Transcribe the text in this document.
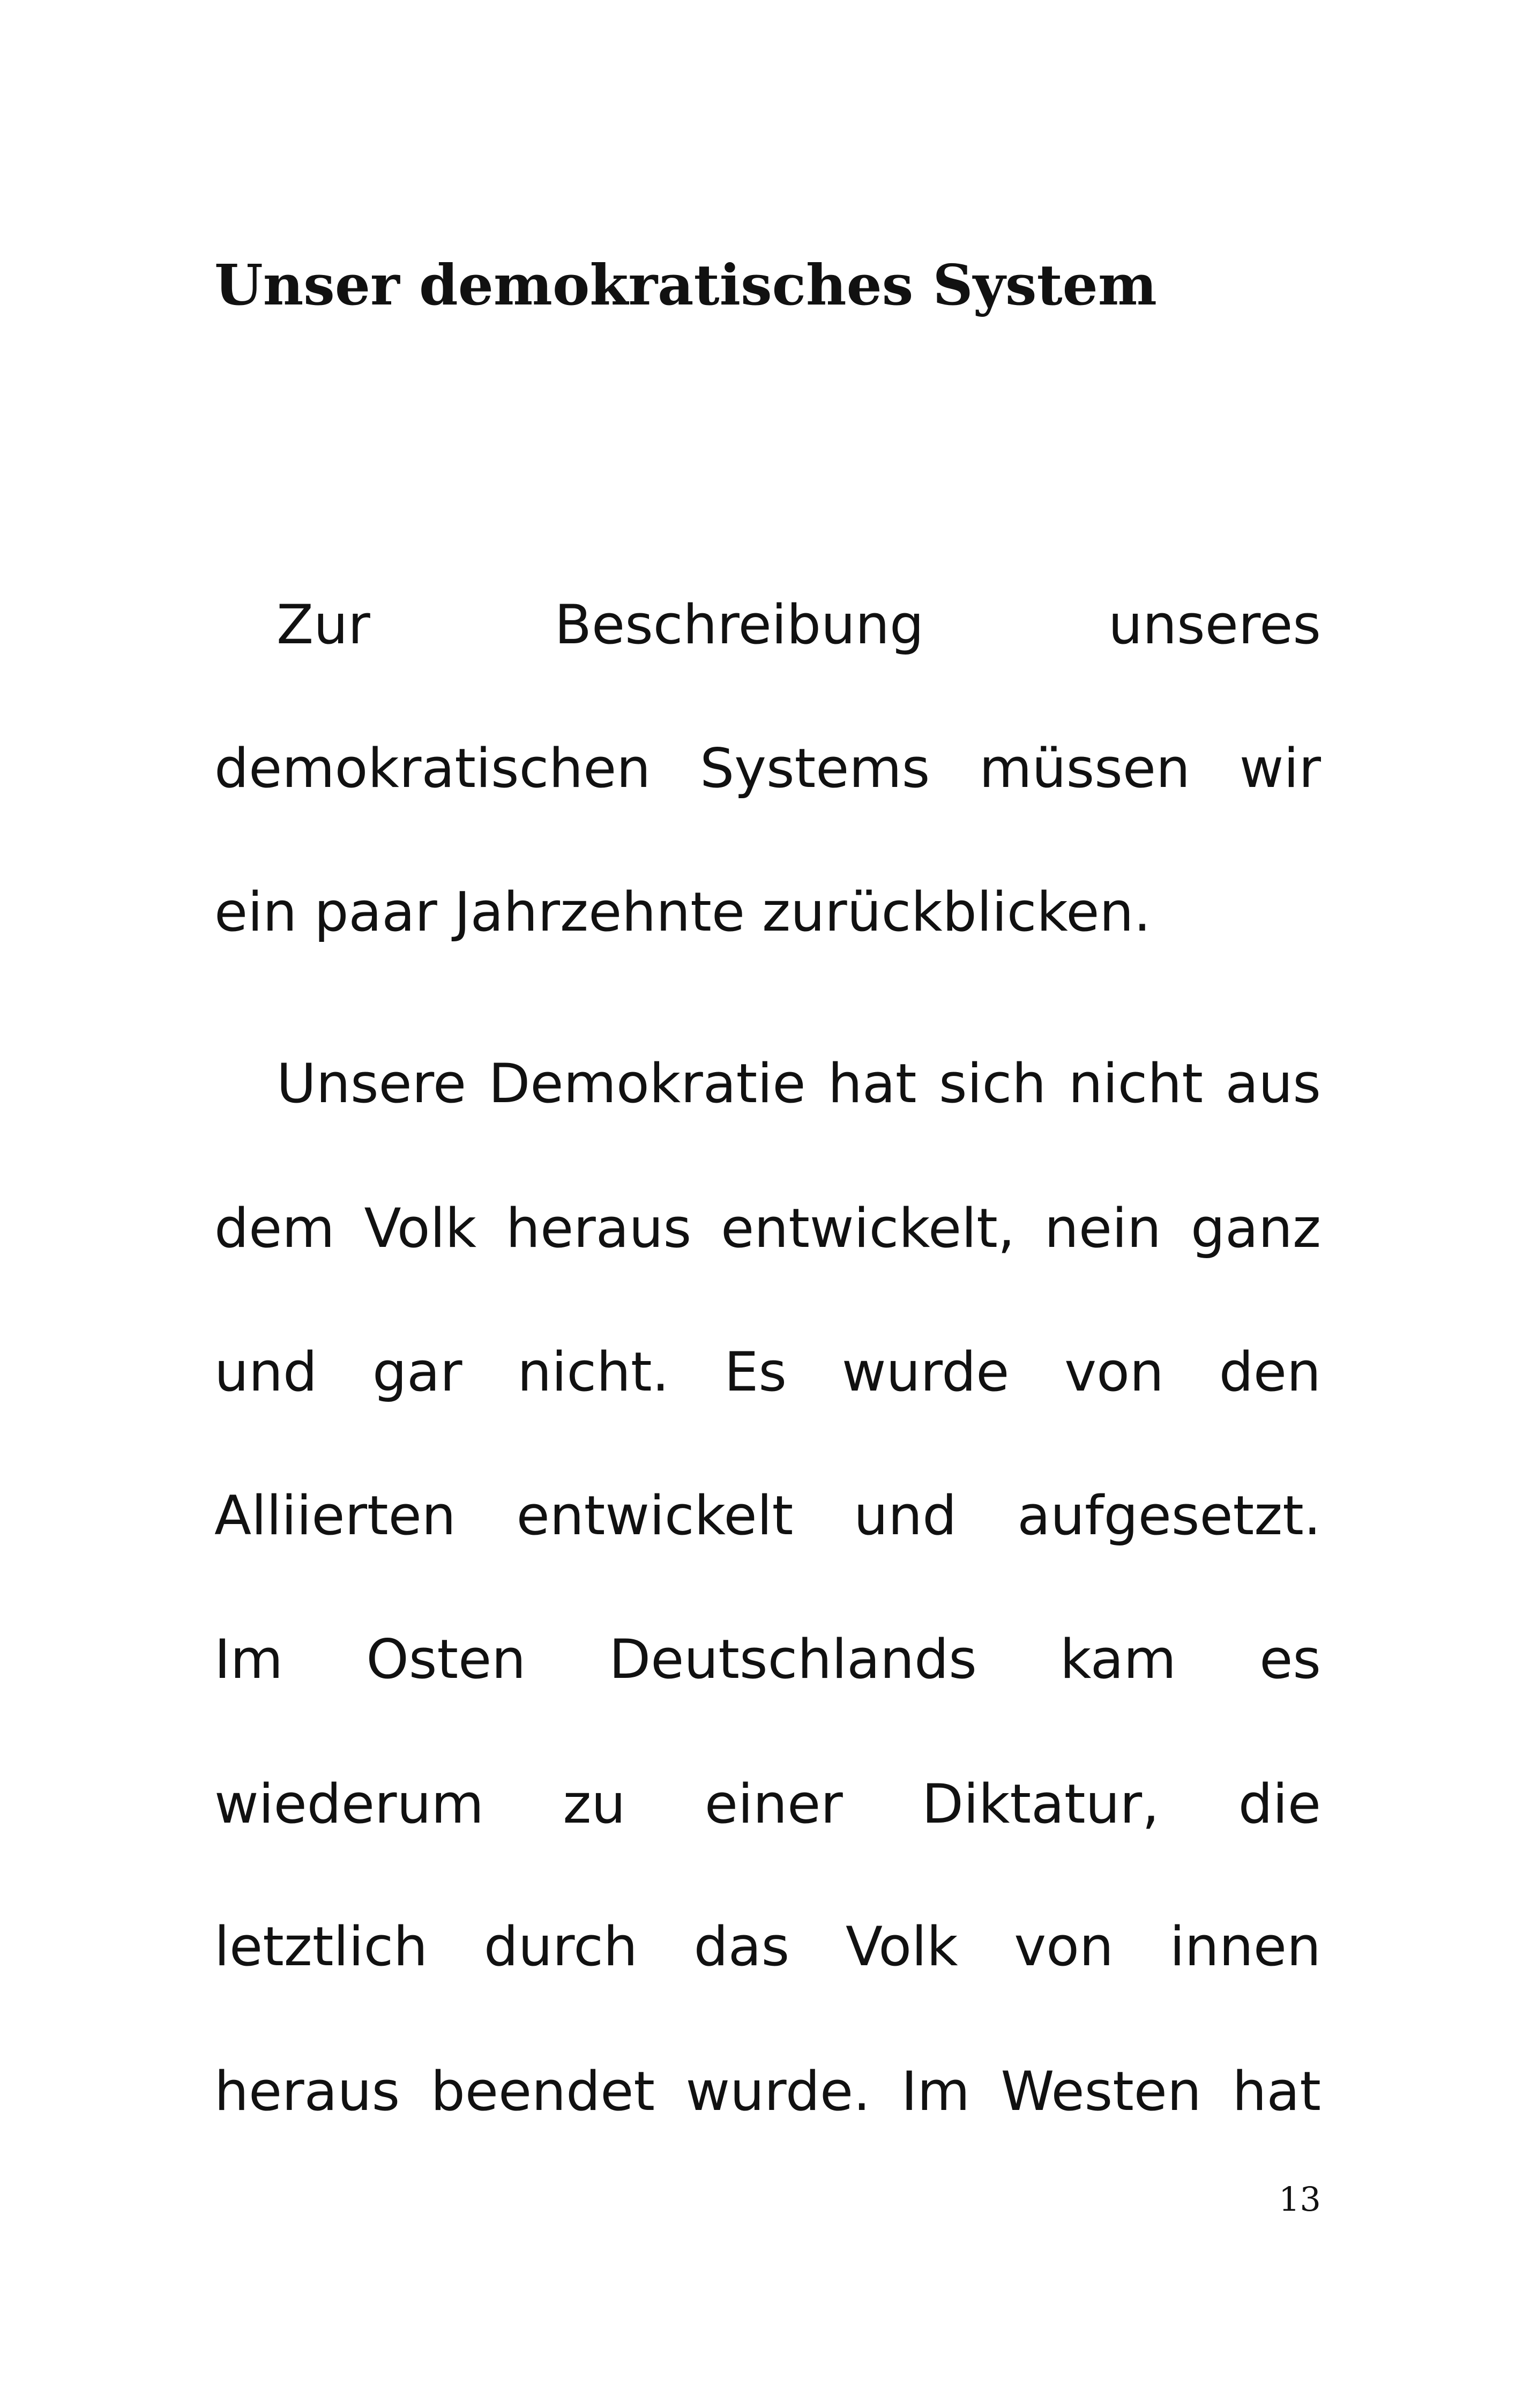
Unser demokratisches System

Zur Beschreibung unseres

demokratischen Systems müssen wir

ein paar Jahrzehnte zurückblicken.

Unsere Demokratie hat sich nicht aus

dem Volk heraus entwickelt, nein ganz

und gar nicht. Es wurde von den

Alliierten entwickelt und aufgesetzt.

Im Osten Deutschlands kam es

wiederum zu einer Diktatur, die

letztlich durch das Volk von innen

heraus beendet wurde. Im Westen hat

13
